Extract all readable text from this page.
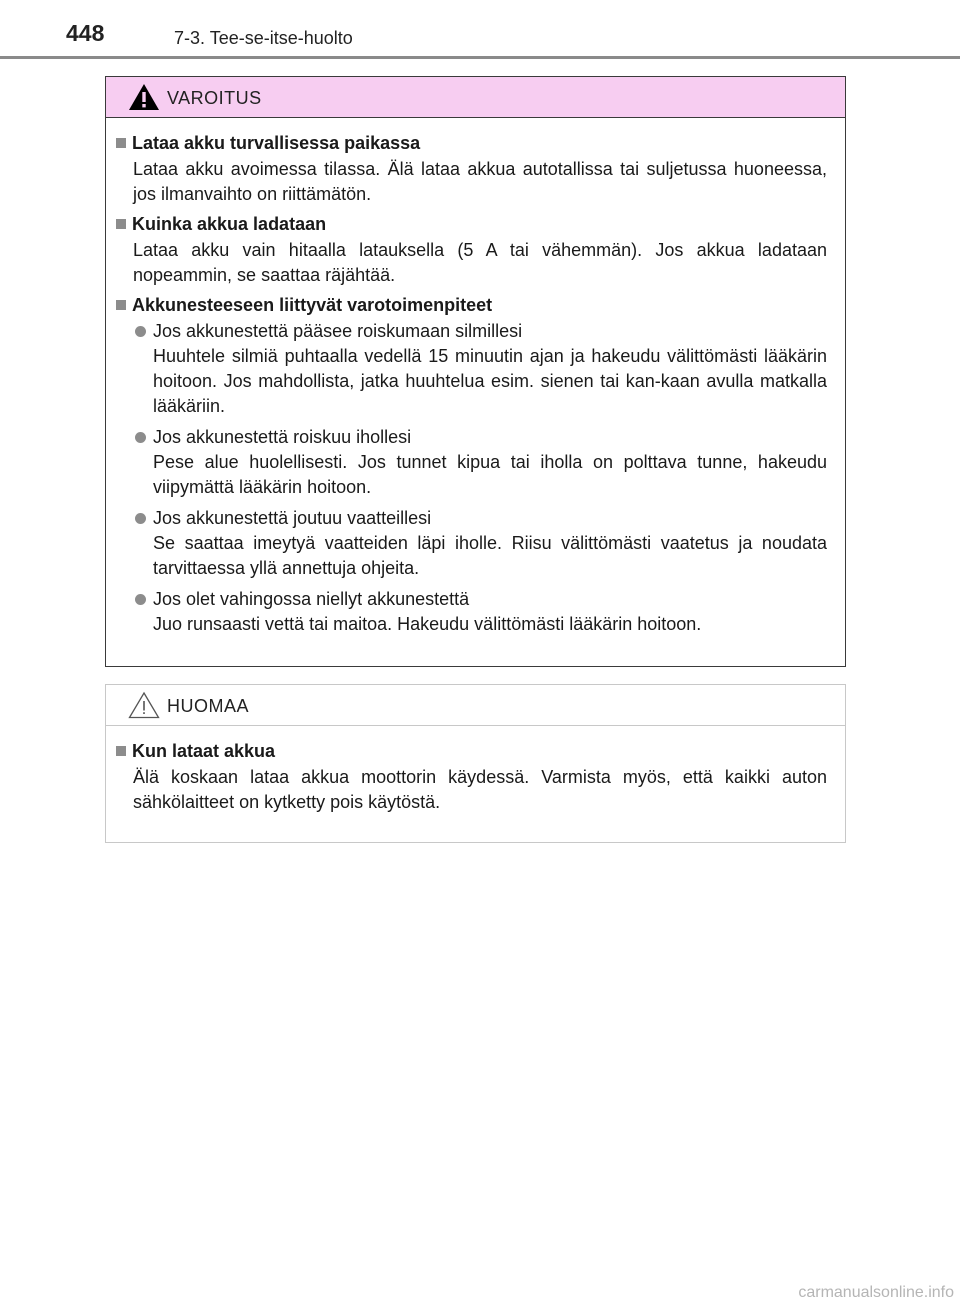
448	7-3. Tee-se-itse-huolto
VAROITUS
Lataa akku turvallisessa paikassa
Lataa akku avoimessa tilassa. Älä lataa akkua autotallissa tai suljetussa huoneessa, jos ilmanvaihto on riittämätön.
Kuinka akkua ladataan
Lataa akku vain hitaalla latauksella (5 A tai vähemmän). Jos akkua ladataan nopeammin, se saattaa räjähtää.
Akkunesteeseen liittyvät varotoimenpiteet
Jos akkunestettä pääsee roiskumaan silmillesi
Huuhtele silmiä puhtaalla vedellä 15 minuutin ajan ja hakeudu välittömästi lääkärin hoitoon. Jos mahdollista, jatka huuhtelua esim. sienen tai kan-kaan avulla matkalla lääkäriin.
Jos akkunestettä roiskuu ihollesi
Pese alue huolellisesti. Jos tunnet kipua tai iholla on polttava tunne, hakeudu viipymättä lääkärin hoitoon.
Jos akkunestettä joutuu vaatteillesi
Se saattaa imeytyä vaatteiden läpi iholle. Riisu välittömästi vaatetus ja noudata tarvittaessa yllä annettuja ohjeita.
Jos olet vahingossa niellyt akkunestettä
Juo runsaasti vettä tai maitoa. Hakeudu välittömästi lääkärin hoitoon.
HUOMAA
Kun lataat akkua
Älä koskaan lataa akkua moottorin käydessä. Varmista myös, että kaikki auton sähkölaitteet on kytketty pois käytöstä.
carmanualsonline.info
